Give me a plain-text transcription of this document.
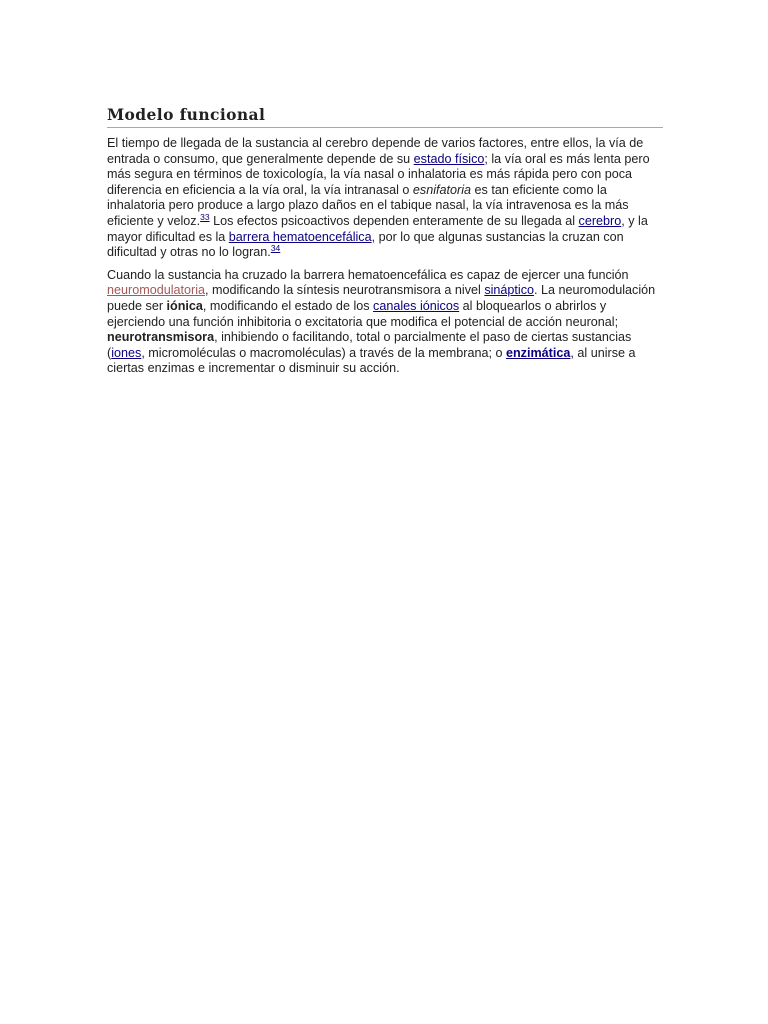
Modelo funcional

El tiempo de llegada de la sustancia al cerebro depende de varios factores, entre ellos, la vía de entrada o consumo, que generalmente depende de su estado físico; la vía oral es más lenta pero más segura en términos de toxicología, la vía nasal o inhalatoria es más rápida pero con poca diferencia en eficiencia a la vía oral, la vía intranasal o esnifatoria es tan eficiente como la inhalatoria pero produce a largo plazo daños en el tabique nasal, la vía intravenosa es la más eficiente y veloz.$^{33}$ Los efectos psicoactivos dependen enteramente de su llegada al cerebro, y la mayor dificultad es la barrera hematoencefálica, por lo que algunas sustancias la cruzan con dificultad y otras no lo logran.$^{34}$

Cuando la sustancia ha cruzado la barrera hematoencefálica es capaz de ejercer una función neuromodulatoria, modificando la síntesis neurotransmisora a nivel sináptico. La neuromodulación puede ser iónica, modificando el estado de los canales iónicos al bloquearlos o abrirlos y ejerciendo una función inhibitoria o excitatoria que modifica el potencial de acción neuronal; neurotransmisora, inhibiendo o facilitando, total o parcialmente el paso de ciertas sustancias (iones, micromoléculas o macromoléculas) a través de la membrana; o enzimática, al unirse a ciertas enzimas e incrementar o disminuir su acción.
